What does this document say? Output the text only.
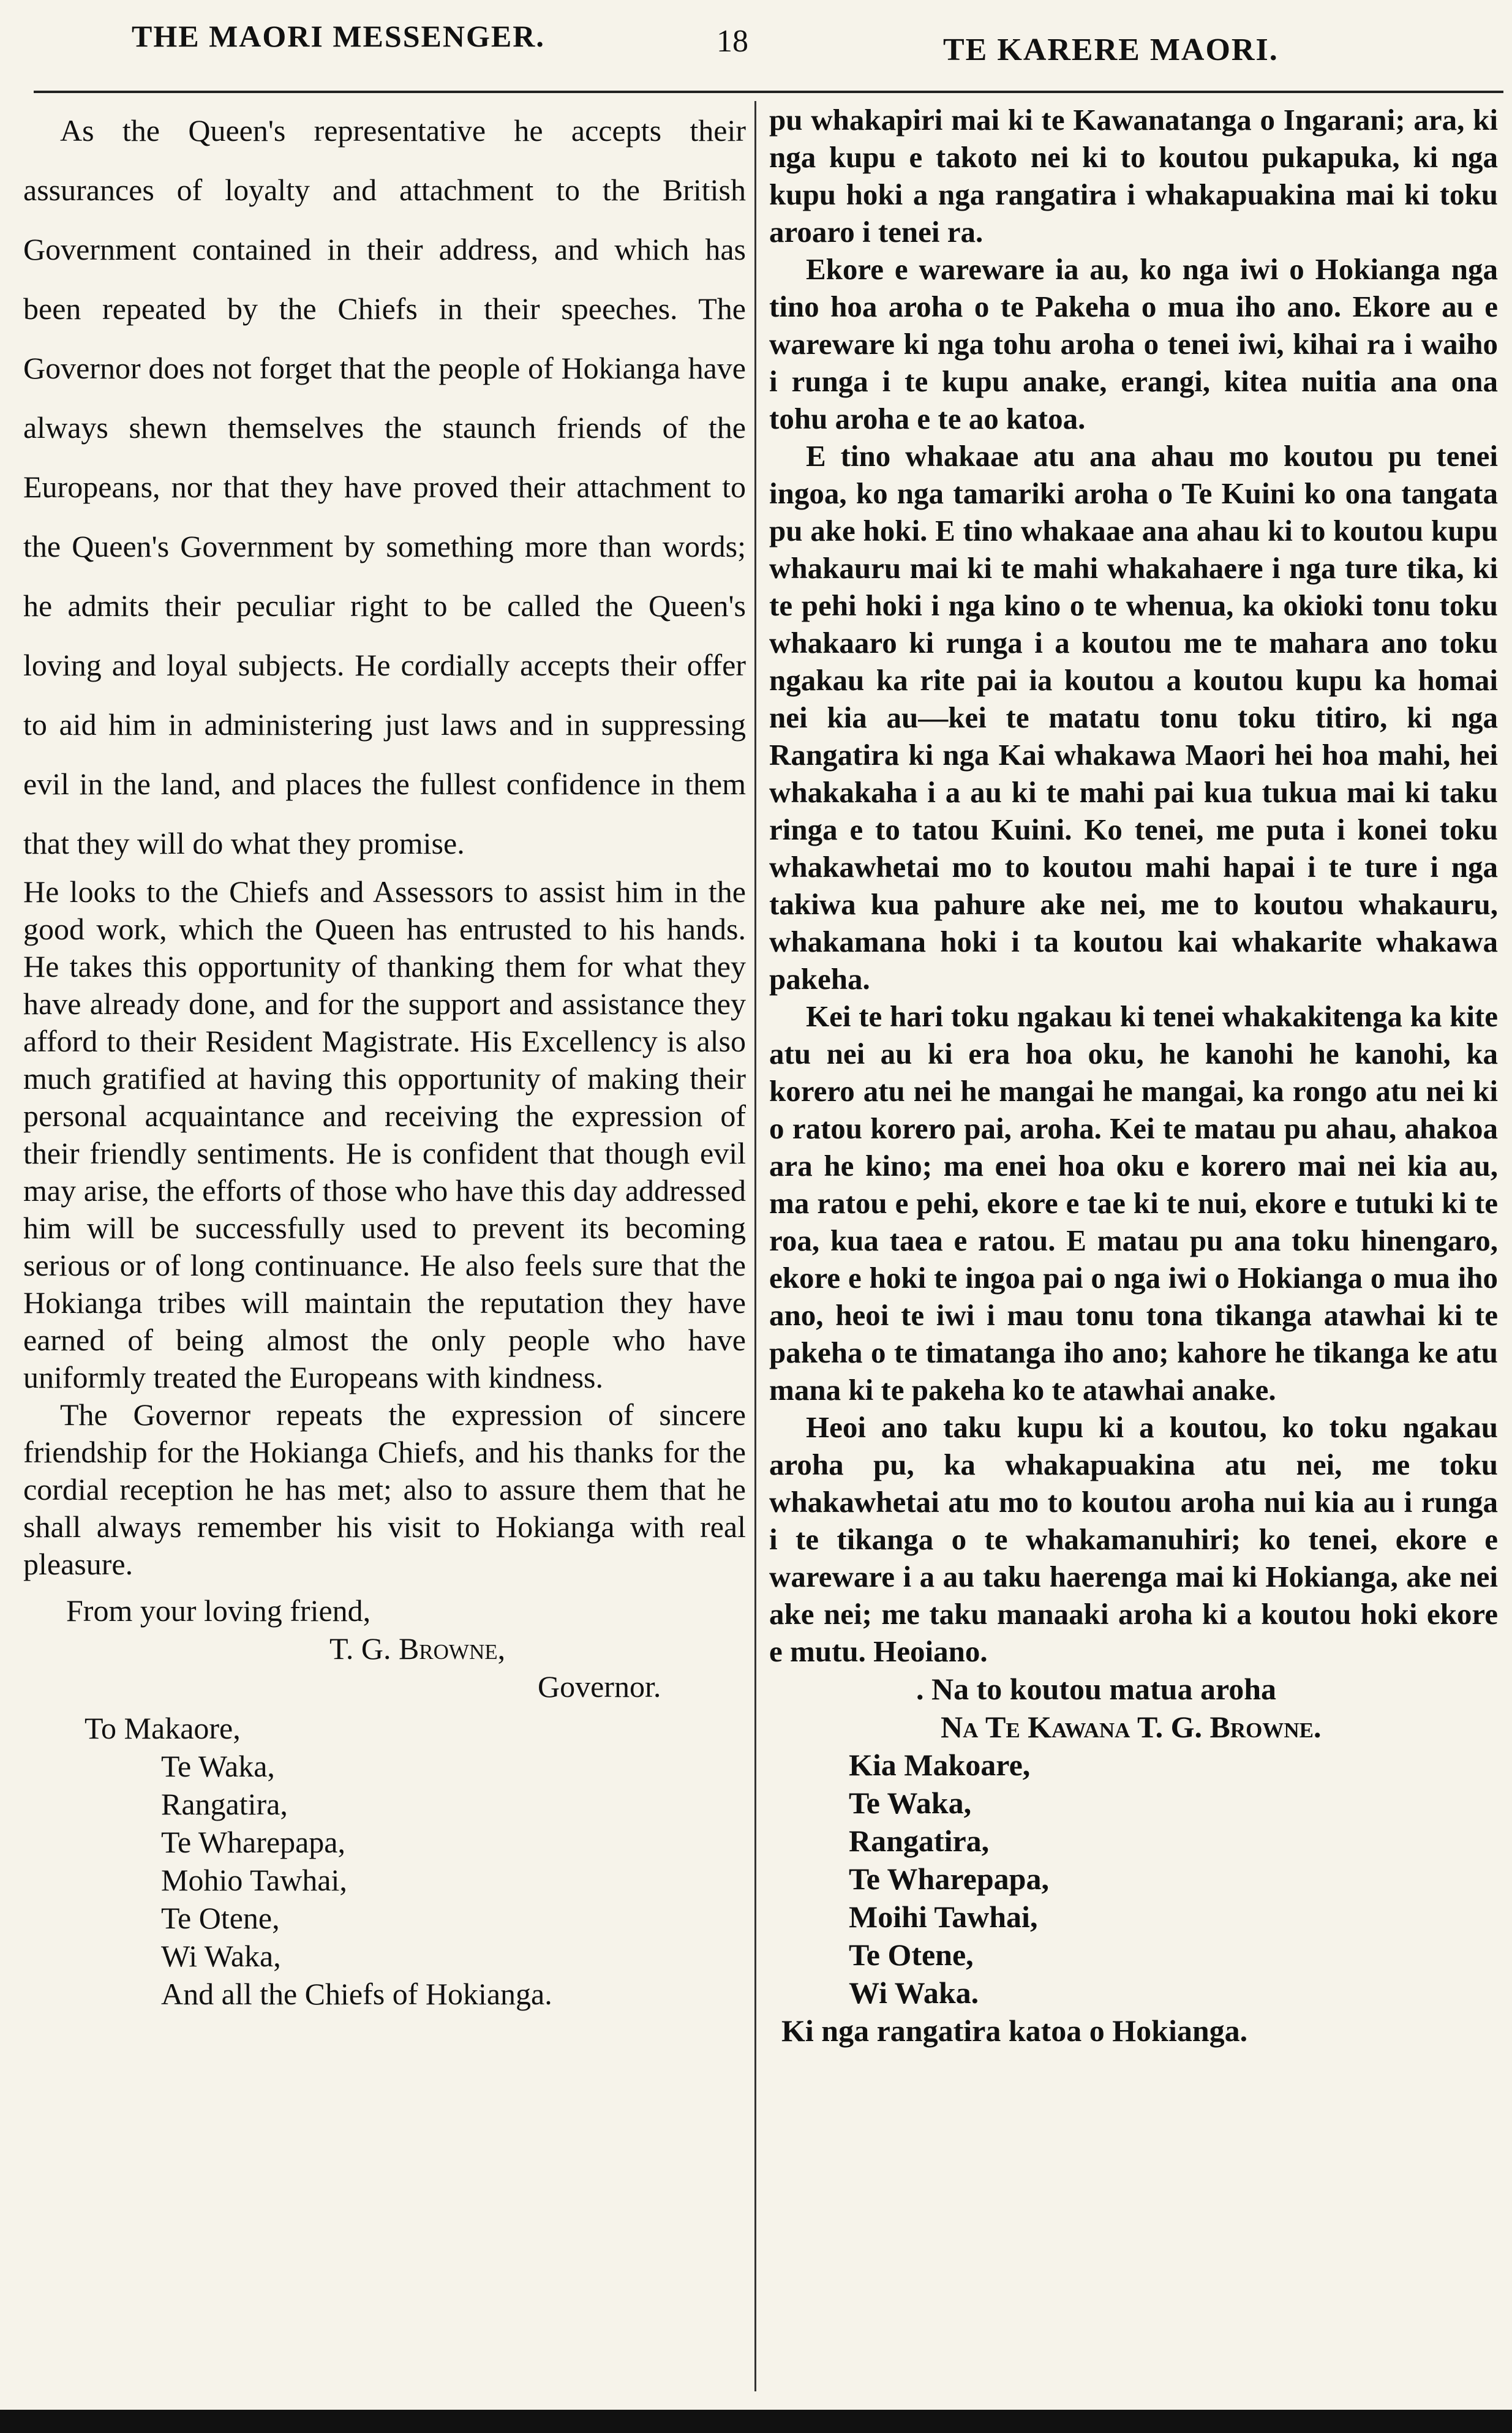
THE MAORI MESSENGER.	18	TE KARERE MAORI.

As the Queen's representative he accepts their assurances of loyalty and attachment to the British Government contained in their address, and which has been repeated by the Chiefs in their speeches. The Governor does not forget that the people of Hokianga have always shewn themselves the staunch friends of the Europeans, nor that they have proved their attachment to the Queen's Government by something more than words; he admits their peculiar right to be called the Queen's loving and loyal subjects. He cordially accepts their offer to aid him in administering just laws and in suppressing evil in the land, and places the fullest confidence in them that they will do what they promise.

He looks to the Chiefs and Assessors to assist him in the good work, which the Queen has entrusted to his hands. He takes this opportunity of thanking them for what they have already done, and for the support and assistance they afford to their Resident Magistrate. His Excellency is also much gratified at having this opportunity of making their personal acquaintance and receiving the expression of their friendly sentiments. He is confident that though evil may arise, the efforts of those who have this day addressed him will be successfully used to prevent its becoming serious or of long continuance. He also feels sure that the Hokianga tribes will maintain the reputation they have earned of being almost the only people who have uniformly treated the Europeans with kindness.

The Governor repeats the expression of sincere friendship for the Hokianga Chiefs, and his thanks for the cordial reception he has met; also to assure them that he shall always remember his visit to Hokianga with real pleasure.

From your loving friend,
T. G. Browne,
Governor.
To Makaore,
Te Waka,
Rangatira,
Te Wharepapa,
Mohio Tawhai,
Te Otene,
Wi Waka,
And all the Chiefs of Hokianga.

pu whakapiri mai ki te Kawanatanga o Ingarani; ara, ki nga kupu e takoto nei ki to koutou pukapuka, ki nga kupu hoki a nga rangatira i whakapuakina mai ki toku aroaro i tenei ra.

Ekore e wareware ia au, ko nga iwi o Hokianga nga tino hoa aroha o te Pakeha o mua iho ano. Ekore au e wareware ki nga tohu aroha o tenei iwi, kihai ra i waiho i runga i te kupu anake, erangi, kitea nuitia ana ona tohu aroha e te ao katoa.

E tino whakaae atu ana ahau mo koutou pu tenei ingoa, ko nga tamariki aroha o Te Kuini ko ona tangata pu ake hoki. E tino whakaae ana ahau ki to koutou kupu whakauru mai ki te mahi whakahaere i nga ture tika, ki te pehi hoki i nga kino o te whenua, ka okioki tonu toku whakaaro ki runga i a koutou me te mahara ano toku ngakau ka rite pai ia koutou a koutou kupu ka homai nei kia au—kei te matatu tonu toku titiro, ki nga Rangatira ki nga Kai whakawa Maori hei hoa mahi, hei whakakaha i a au ki te mahi pai kua tukua mai ki taku ringa e to tatou Kuini. Ko tenei, me puta i konei toku whakawhetai mo to koutou mahi hapai i te ture i nga takiwa kua pahure ake nei, me to koutou whakauru, whakamana hoki i ta koutou kai whakarite whakawa pakeha.

Kei te hari toku ngakau ki tenei whakakitenga ka kite atu nei au ki era hoa oku, he kanohi he kanohi, ka korero atu nei he mangai he mangai, ka rongo atu nei ki o ratou korero pai, aroha. Kei te matau pu ahau, ahakoa ara he kino; ma enei hoa oku e korero mai nei kia au, ma ratou e pehi, ekore e tae ki te nui, ekore e tutuki ki te roa, kua taea e ratou. E matau pu ana toku hinengaro, ekore e hoki te ingoa pai o nga iwi o Hokianga o mua iho ano, heoi te iwi i mau tonu tona tikanga atawhai ki te pakeha o te timatanga iho ano; kahore he tikanga ke atu mana ki te pakeha ko te atawhai anake.

Heoi ano taku kupu ki a koutou, ko toku ngakau aroha pu, ka whakapuakina atu nei, me toku whakawhetai atu mo to koutou aroha nui kia au i runga i te tikanga o te whakamanuhiri; ko tenei, ekore e wareware i a au taku haerenga mai ki Hokianga, ake nei ake nei; me taku manaaki aroha ki a koutou hoki ekore e mutu. Heoiano.

. Na to koutou matua aroha
Na Te Kawana T. G. Browne.
Kia Makoare,
Te Waka,
Rangatira,
Te Wharepapa,
Moihi Tawhai,
Te Otene,
Wi Waka.
Ki nga rangatira katoa o Hokianga.
